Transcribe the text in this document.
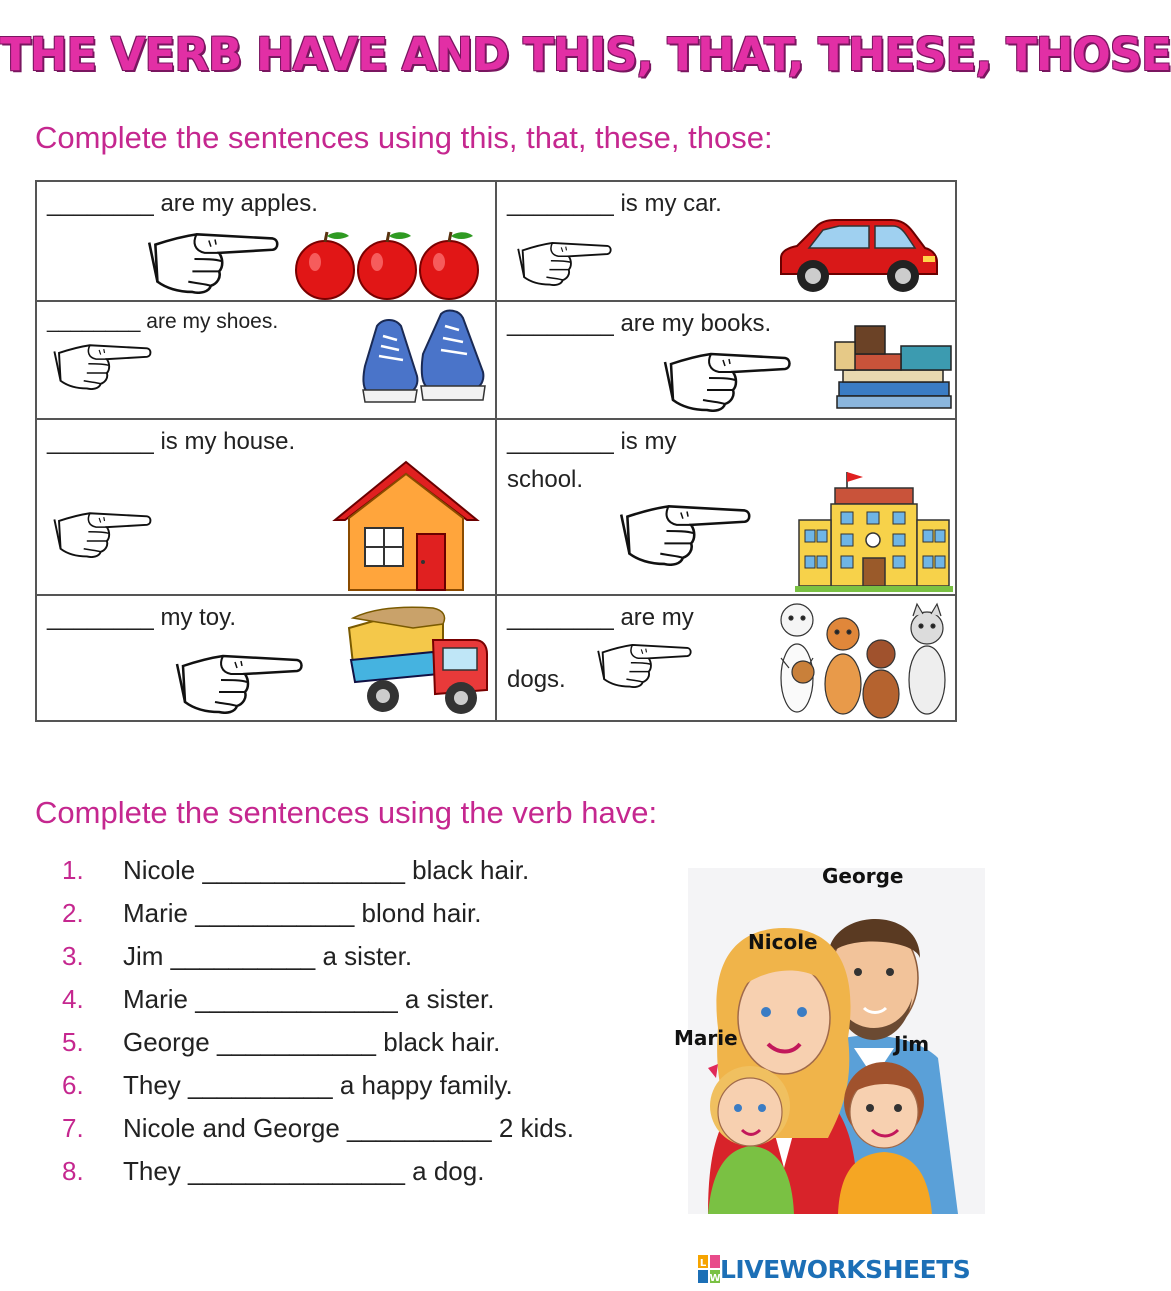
THE VERB HAVE AND THIS, THAT, THESE, THOSE
Complete the sentences using this, that, these, those:
________ are my apples.	________ is my car.
________ are my shoes.	________ are my books.
________ is my house.	________ is my
school.
________ my toy.	________ are my
dogs.
Complete the sentences using the verb have:
1. Nicole ______________ black hair.
2. Marie ___________ blond hair.
3. Jim __________ a sister.
4. Marie ______________ a sister.
5. George ___________ black hair.
6. They __________ a happy family.
7. Nicole and George __________ 2 kids.
8. They _______________ a dog.
George
Nicole
Marie	Jim
L
W LIVEWORKSHEETS
